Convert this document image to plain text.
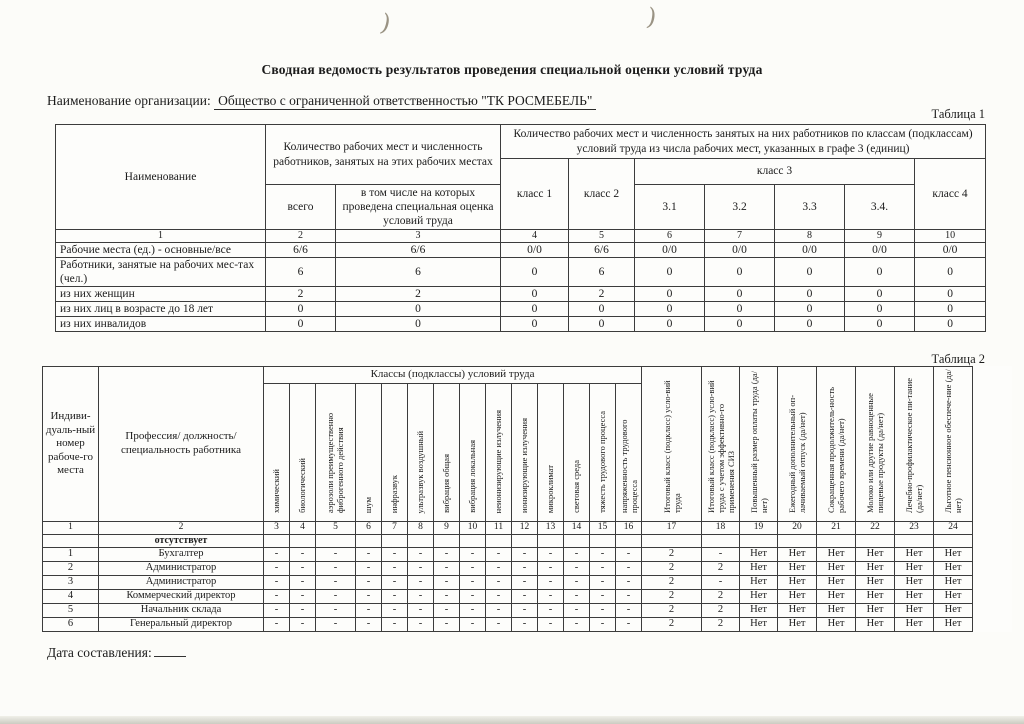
)	)
Сводная ведомость результатов проведения специальной оценки условий труда
Наименование организации: Общество с ограниченной ответственностью "ТК РОСМЕБЕЛЬ"
Таблица 1
Наименование	Количество рабочих мест и численность работников, занятых на этих рабочих местах		Количество рабочих мест и численность занятых на них работников по классам (подклассам) условий труда из числа рабочих мест, указанных в графе 3 (единиц)						
			класс 1	класс 2	класс 3				класс 4
	всего	в том числе на которых проведена специальная оценка условий труда			3.1	3.2	3.3	3.4.	
1	2	3	4	5	6	7	8	9	10
Рабочие места (ед.) - основные/все	6/6	6/6	0/0	6/6	0/0	0/0	0/0	0/0	0/0
Работники, занятые на рабочих мес-тах (чел.)	6	6	0	6	0	0	0	0	0
из них женщин	2	2	0	2	0	0	0	0	0
из них лиц в возрасте до 18 лет	0	0	0	0	0	0	0	0	0
из них инвалидов	0	0	0	0	0	0	0	0	0
Таблица 2
Индиви-дуаль-ный номер рабоче-го места	Профессия/ должность/ специальность работника	Классы (подклассы) условий труда														Итоговый класс (подкласс) усло-вий труда	Итоговый класс (подкласс) усло-вий труда с учетом эффективно-го применения СИЗ	Повышенный размер оплаты труда (да/нет)	Ежегодный дополнительный оп-лачиваемый отпуск (да/нет)	Сокращенная продолжитель-ность рабочего времени (да/нет)	Молоко или другие равноценные пищевые продукты (да/нет)	Лечебно-профилактическое пи-тание (да/нет)	Льготное пенсионное обеспече-ние (да/нет)
		химический	биологический	аэрозоли преимущественно фиброгенного действия	шум	инфразвук	ультразвук воздушный	вибрация общая	вибрация локальная	неионизирующие излучения	ионизирующие излучения	микроклимат	световая среда	тяжесть трудового процесса	напряженность трудового процесса								
1	2	3	4	5	6	7	8	9	10	11	12	13	14	15	16	17	18	19	20	21	22	23	24
	отсутствует																						
1	Бухгалтер	-	-	-	-	-	-	-	-	-	-	-	-	-	-	2	-	Нет	Нет	Нет	Нет	Нет	Нет
2	Администратор	-	-	-	-	-	-	-	-	-	-	-	-	-	-	2	2	Нет	Нет	Нет	Нет	Нет	Нет
3	Администратор	-	-	-	-	-	-	-	-	-	-	-	-	-	-	2	-	Нет	Нет	Нет	Нет	Нет	Нет
4	Коммерческий директор	-	-	-	-	-	-	-	-	-	-	-	-	-	-	2	2	Нет	Нет	Нет	Нет	Нет	Нет
5	Начальник склада	-	-	-	-	-	-	-	-	-	-	-	-	-	-	2	2	Нет	Нет	Нет	Нет	Нет	Нет
6	Генеральный директор	-	-	-	-	-	-	-	-	-	-	-	-	-	-	2	2	Нет	Нет	Нет	Нет	Нет	Нет
Дата составления:
